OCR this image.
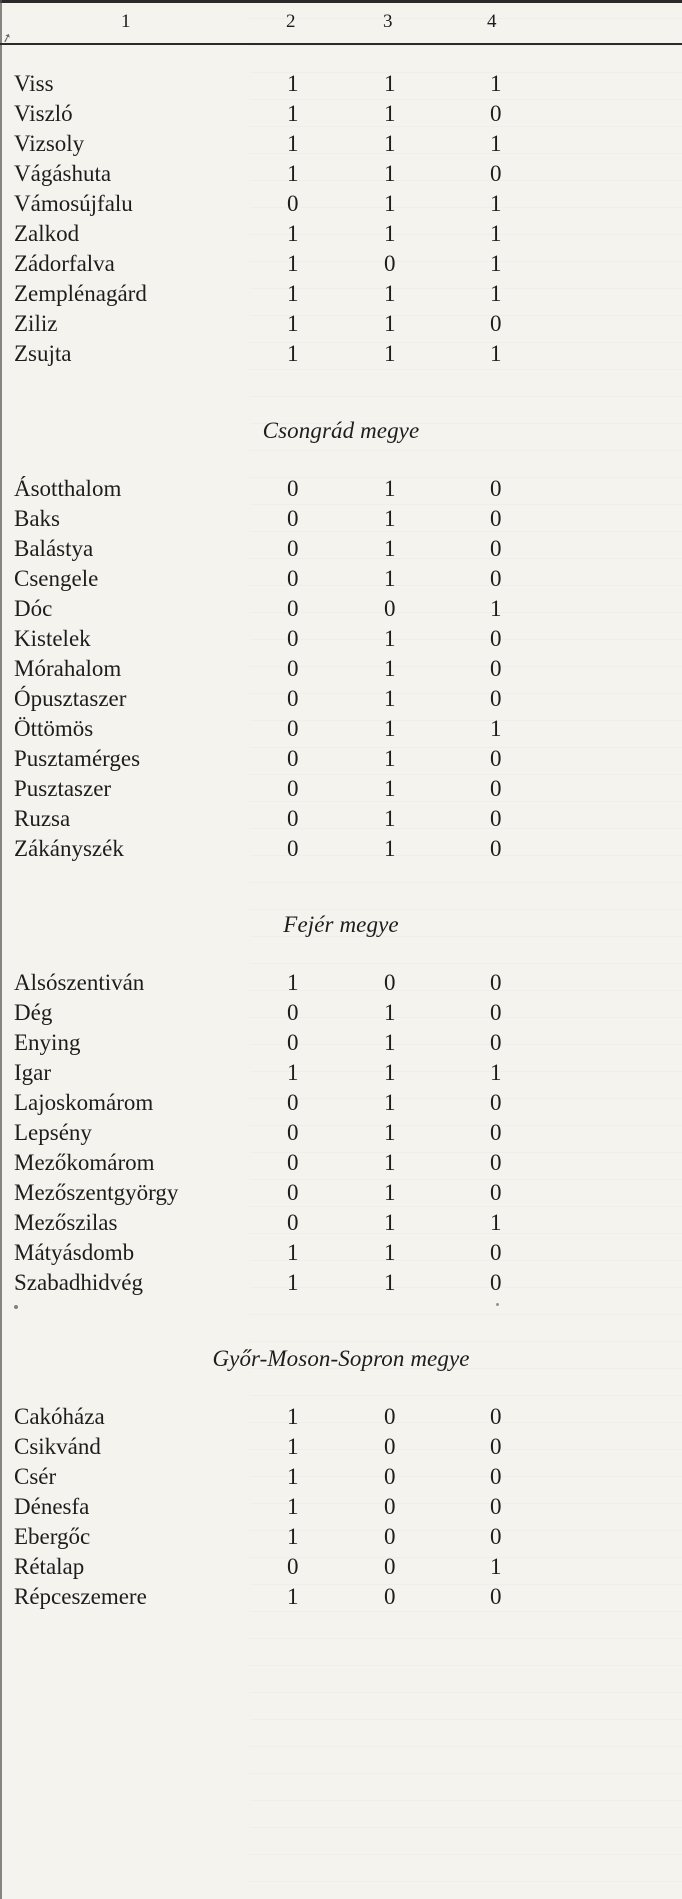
1	2	3	4
➚
Viss	1	1	1
Viszló	1	1	0
Vizsoly	1	1	1
Vágáshuta	1	1	0
Vámosújfalu	0	1	1
Zalkod	1	1	1
Zádorfalva	1	0	1
Zemplénagárd	1	1	1
Ziliz	1	1	0
Zsujta	1	1	1
Csongrád megye
Ásotthalom	0	1	0
Baks	0	1	0
Balástya	0	1	0
Csengele	0	1	0
Dóc	0	0	1
Kistelek	0	1	0
Mórahalom	0	1	0
Ópusztaszer	0	1	0
Öttömös	0	1	1
Pusztamérges	0	1	0
Pusztaszer	0	1	0
Ruzsa	0	1	0
Zákányszék	0	1	0
Fejér megye
Alsószentiván	1	0	0
Dég	0	1	0
Enying	0	1	0
Igar	1	1	1
Lajoskomárom	0	1	0
Lepsény	0	1	0
Mezőkomárom	0	1	0
Mezőszentgyörgy	0	1	0
Mezőszilas	0	1	1
Mátyásdomb	1	1	0
Szabadhidvég	1	1	0
Győr-Moson-Sopron megye
Cakóháza	1	0	0
Csikvánd	1	0	0
Csér	1	0	0
Dénesfa	1	0	0
Ebergőc	1	0	0
Rétalap	0	0	1
Répceszemere	1	0	0
